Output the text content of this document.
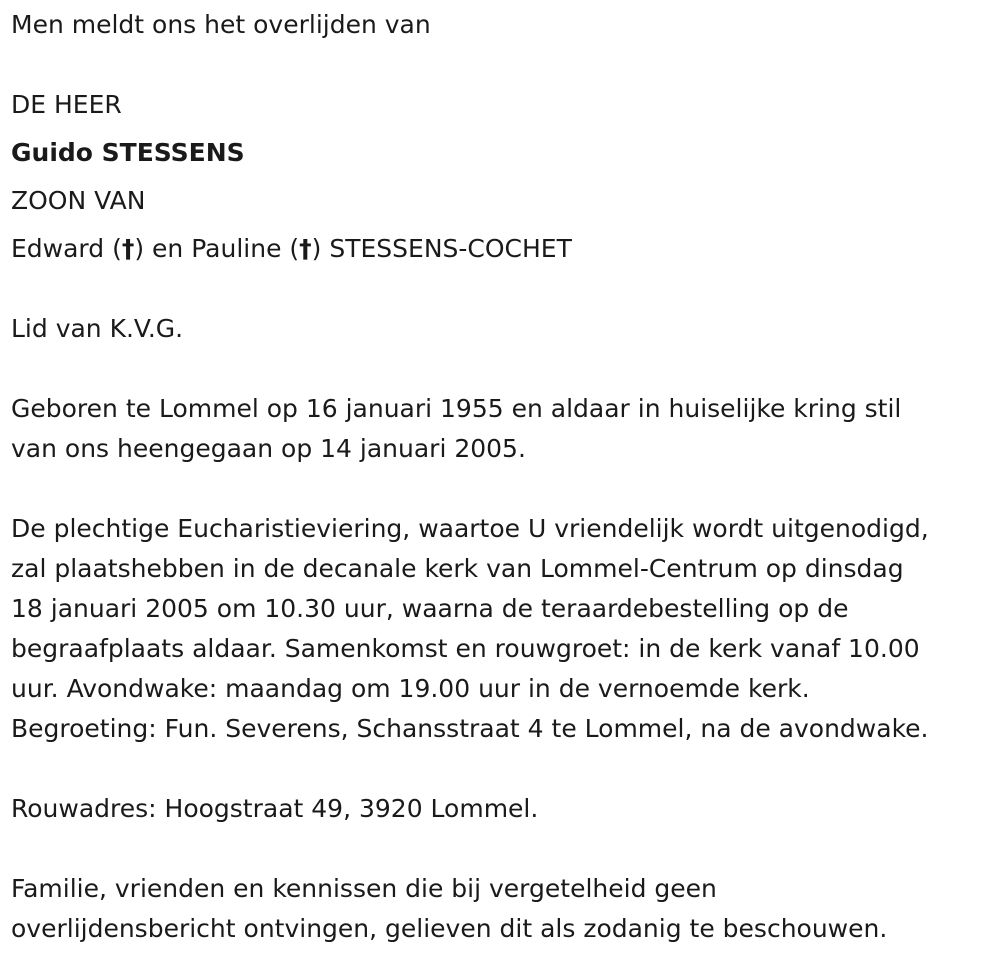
Men meldt ons het overlijden van
DE HEER
Guido STESSENS
ZOON VAN
Edward (†) en Pauline (†) STESSENS-COCHET
Lid van K.V.G.
Geboren te Lommel op 16 januari 1955 en aldaar in huiselijke kring stil
van ons heengegaan op 14 januari 2005.
De plechtige Eucharistieviering, waartoe U vriendelijk wordt uitgenodigd,
zal plaatshebben in de decanale kerk van Lommel-Centrum op dinsdag
18 januari 2005 om 10.30 uur, waarna de teraardebestelling op de
begraafplaats aldaar. Samenkomst en rouwgroet: in de kerk vanaf 10.00
uur. Avondwake: maandag om 19.00 uur in de vernoemde kerk.
Begroeting: Fun. Severens, Schansstraat 4 te Lommel, na de avondwake.
Rouwadres: Hoogstraat 49, 3920 Lommel.
Familie, vrienden en kennissen die bij vergetelheid geen
overlijdensbericht ontvingen, gelieven dit als zodanig te beschouwen.
